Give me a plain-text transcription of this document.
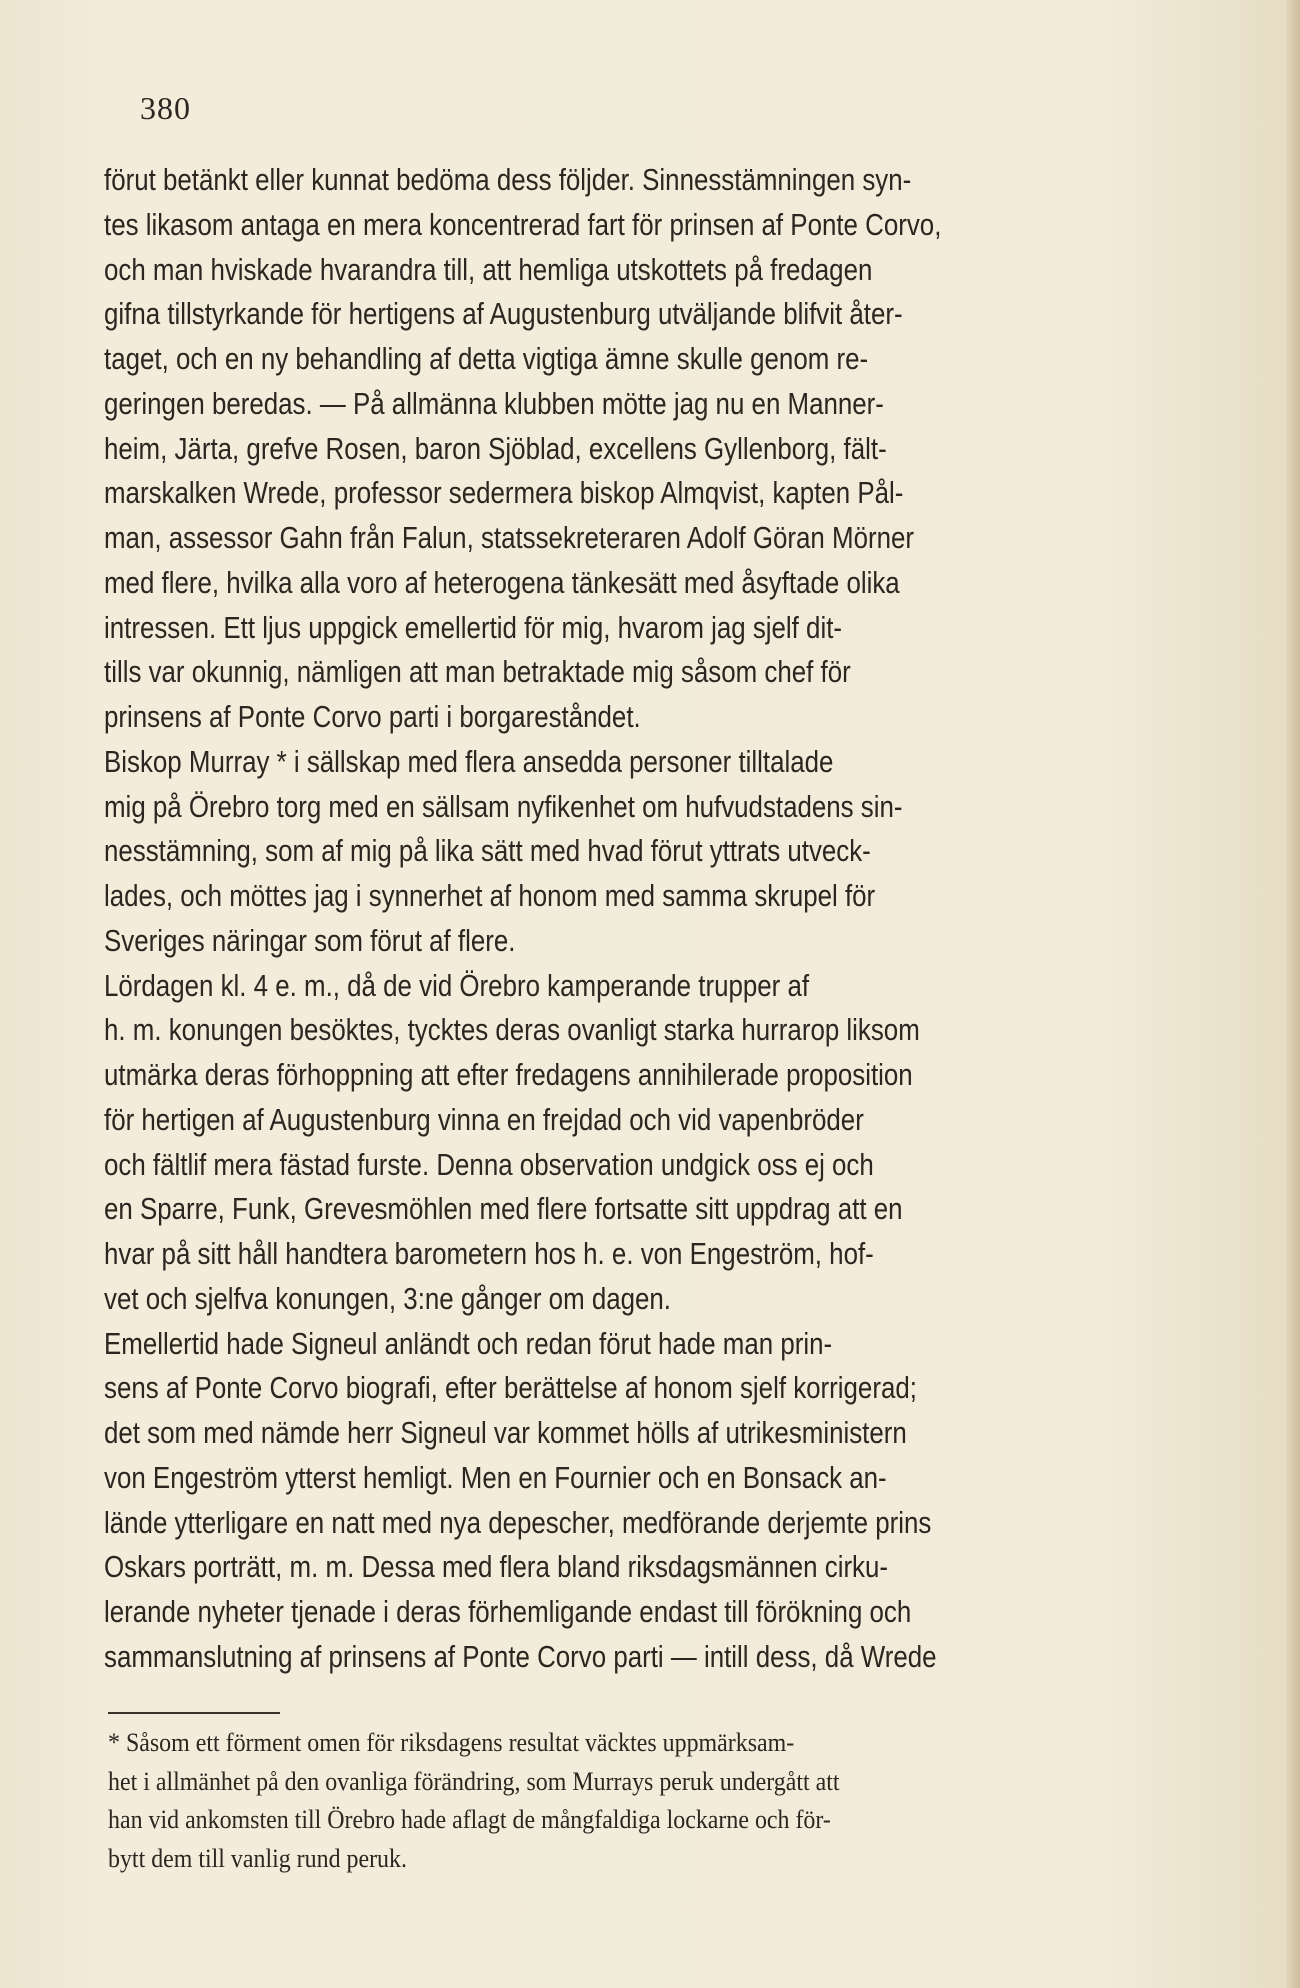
380
förut betänkt eller kunnat bedöma dess följder. Sinnesstämningen syn-
tes likasom antaga en mera koncentrerad fart för prinsen af Ponte Corvo,
och man hviskade hvarandra till, att hemliga utskottets på fredagen
gifna tillstyrkande för hertigens af Augustenburg utväljande blifvit åter-
taget, och en ny behandling af detta vigtiga ämne skulle genom re-
geringen beredas. — På allmänna klubben mötte jag nu en Manner-
heim, Järta, grefve Rosen, baron Sjöblad, excellens Gyllenborg, fält-
marskalken Wrede, professor sedermera biskop Almqvist, kapten Pål-
man, assessor Gahn från Falun, statssekreteraren Adolf Göran Mörner
med flere, hvilka alla voro af heterogena tänkesätt med åsyftade olika
intressen. Ett ljus uppgick emellertid för mig, hvarom jag sjelf dit-
tills var okunnig, nämligen att man betraktade mig såsom chef för
prinsens af Ponte Corvo parti i borgareståndet.
Biskop Murray * i sällskap med flera ansedda personer tilltalade
mig på Örebro torg med en sällsam nyfikenhet om hufvudstadens sin-
nesstämning, som af mig på lika sätt med hvad förut yttrats utveck-
lades, och möttes jag i synnerhet af honom med samma skrupel för
Sveriges näringar som förut af flere.
Lördagen kl. 4 e. m., då de vid Örebro kamperande trupper af
h. m. konungen besöktes, tycktes deras ovanligt starka hurrarop liksom
utmärka deras förhoppning att efter fredagens annihilerade proposition
för hertigen af Augustenburg vinna en frejdad och vid vapenbröder
och fältlif mera fästad furste. Denna observation undgick oss ej och
en Sparre, Funk, Grevesmöhlen med flere fortsatte sitt uppdrag att en
hvar på sitt håll handtera barometern hos h. e. von Engeström, hof-
vet och sjelfva konungen, 3:ne gånger om dagen.
Emellertid hade Signeul anländt och redan förut hade man prin-
sens af Ponte Corvo biografi, efter berättelse af honom sjelf korrigerad;
det som med nämde herr Signeul var kommet hölls af utrikesministern
von Engeström ytterst hemligt. Men en Fournier och en Bonsack an-
lände ytterligare en natt med nya depescher, medförande derjemte prins
Oskars porträtt, m. m. Dessa med flera bland riksdagsmännen cirku-
lerande nyheter tjenade i deras förhemligande endast till förökning och
sammanslutning af prinsens af Ponte Corvo parti — intill dess, då Wrede
* Såsom ett förment omen för riksdagens resultat väcktes uppmärksam-
het i allmänhet på den ovanliga förändring, som Murrays peruk undergått att
han vid ankomsten till Örebro hade aflagt de mångfaldiga lockarne och för-
bytt dem till vanlig rund peruk.
